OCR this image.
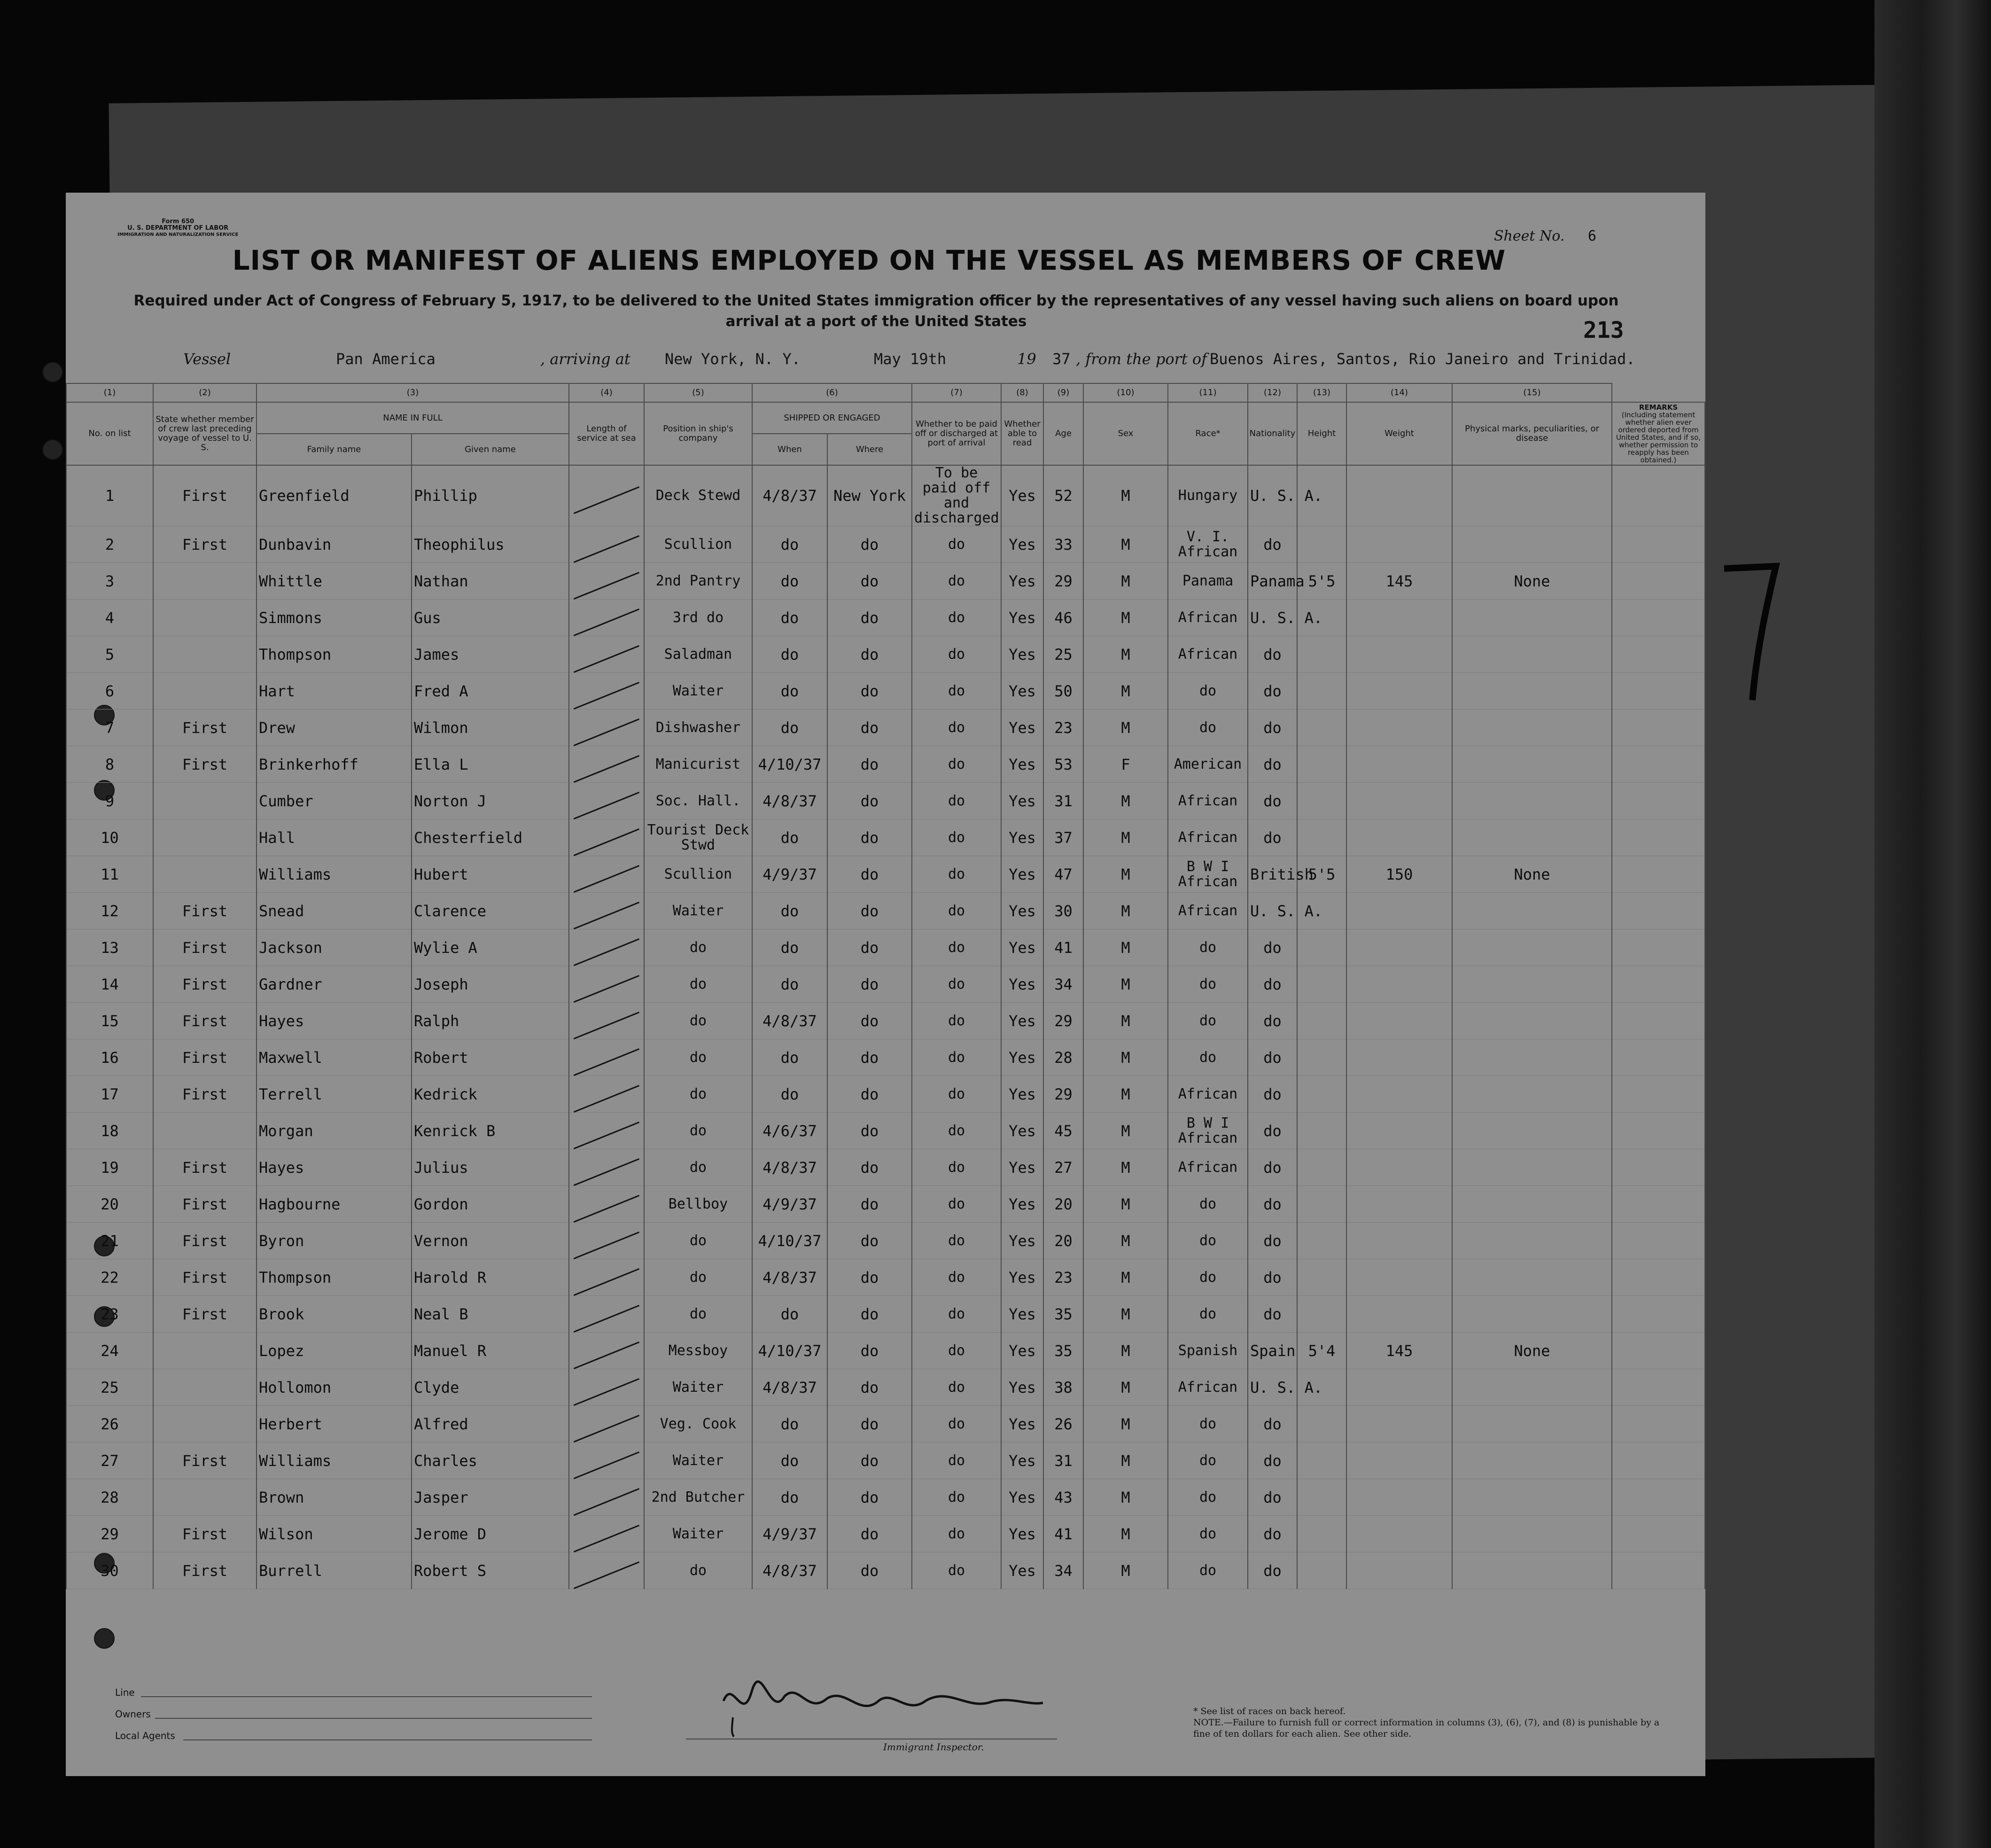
Form 650
U. S. DEPARTMENT OF LABOR
IMMIGRATION AND NATURALIZATION SERVICE	Sheet No. 6
LIST OR MANIFEST OF ALIENS EMPLOYED ON THE VESSEL AS MEMBERS OF CREW
Required under Act of Congress of February 5, 1917, to be delivered to the United States immigration officer by the representatives of any vessel having such aliens on board upon arrival at a port of the United States	213
Vessel	Pan America	, arriving at New York, N. Y.	May 19th	19 37 , from the port of Buenos Aires, Santos, Rio Janeiro and Trinidad.
(1)	(2)	(3)		(4)	(5)	(6)		(7)	(8)	(9)	(10)	(11)	(12)	(13)	(14)	(15)	
No. on list	State whether member of crew last preceding voyage of vessel to U. S.	NAME IN FULL		Length of service at sea	Position in ship's company	SHIPPED OR ENGAGED		Whether to be paid off or discharged at port of arrival	Whether able to read	Age	Sex	Race*	Nationality	Height	Weight	Physical marks, peculiarities, or disease	REMARKS
(Including statement whether alien ever ordered deported from United States, and if so, whether permission to reapply has been obtained.)

		Family name	Given name			When	Where										
1	First	Greenfield	Phillip		Deck Stewd	4/8/37	New York	To be paid off and discharged	Yes	52	M	Hungary	U. S. A.				
2	First	Dunbavin	Theophilus		Scullion	do	do	do	Yes	33	M	V. I. African	do				
3		Whittle	Nathan		2nd Pantry	do	do	do	Yes	29	M	Panama	Panama	5'5	145	None	
4		Simmons	Gus		3rd do	do	do	do	Yes	46	M	African	U. S. A.				
5		Thompson	James		Saladman	do	do	do	Yes	25	M	African	do				
6		Hart	Fred A		Waiter	do	do	do	Yes	50	M	do	do				
7	First	Drew	Wilmon		Dishwasher	do	do	do	Yes	23	M	do	do				
8	First	Brinkerhoff	Ella L		Manicurist	4/10/37	do	do	Yes	53	F	American	do				
9		Cumber	Norton J		Soc. Hall.	4/8/37	do	do	Yes	31	M	African	do				
10		Hall	Chesterfield		Tourist Deck Stwd	do	do	do	Yes	37	M	African	do				
11		Williams	Hubert		Scullion	4/9/37	do	do	Yes	47	M	B W I African	British	5'5	150	None	
12	First	Snead	Clarence		Waiter	do	do	do	Yes	30	M	African	U. S. A.				
13	First	Jackson	Wylie A		do	do	do	do	Yes	41	M	do	do				
14	First	Gardner	Joseph		do	do	do	do	Yes	34	M	do	do				
15	First	Hayes	Ralph		do	4/8/37	do	do	Yes	29	M	do	do				
16	First	Maxwell	Robert		do	do	do	do	Yes	28	M	do	do				
17	First	Terrell	Kedrick		do	do	do	do	Yes	29	M	African	do				
18		Morgan	Kenrick B		do	4/6/37	do	do	Yes	45	M	B W I African	do				
19	First	Hayes	Julius		do	4/8/37	do	do	Yes	27	M	African	do				
20	First	Hagbourne	Gordon		Bellboy	4/9/37	do	do	Yes	20	M	do	do				
21	First	Byron	Vernon		do	4/10/37	do	do	Yes	20	M	do	do				
22	First	Thompson	Harold R		do	4/8/37	do	do	Yes	23	M	do	do				
23	First	Brook	Neal B		do	do	do	do	Yes	35	M	do	do				
24		Lopez	Manuel R		Messboy	4/10/37	do	do	Yes	35	M	Spanish	Spain	5'4	145	None	
25		Hollomon	Clyde		Waiter	4/8/37	do	do	Yes	38	M	African	U. S. A.				
26		Herbert	Alfred		Veg. Cook	do	do	do	Yes	26	M	do	do				
27	First	Williams	Charles		Waiter	do	do	do	Yes	31	M	do	do				
28		Brown	Jasper		2nd Butcher	do	do	do	Yes	43	M	do	do				
29	First	Wilson	Jerome D		Waiter	4/9/37	do	do	Yes	41	M	do	do				
30	First	Burrell	Robert S		do	4/8/37	do	do	Yes	34	M	do	do				
Line
Owners
Local Agents
Immigrant Inspector.
* See list of races on back hereof.
NOTE.—Failure to furnish full or correct information in columns (3), (6), (7), and (8) is punishable by a fine of ten dollars for each alien. See other side.
